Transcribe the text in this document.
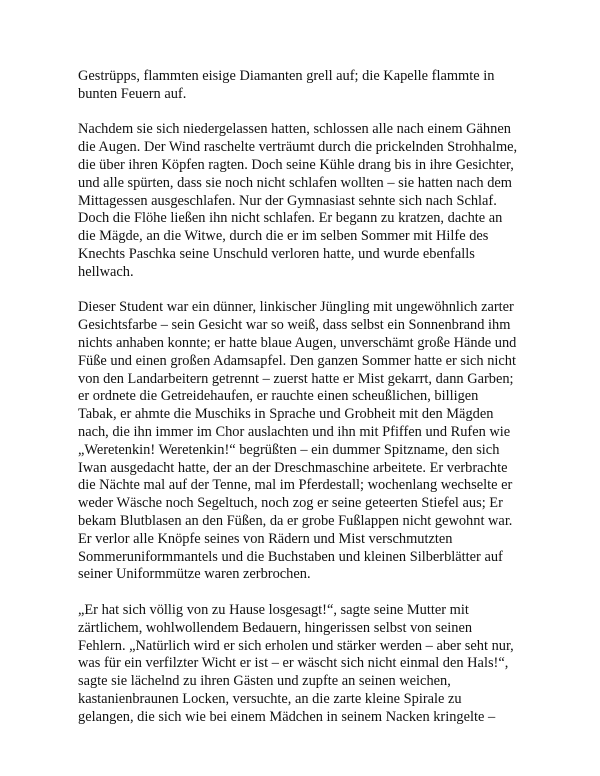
Gestrüpps, flammten eisige Diamanten grell auf; die Kapelle flammte in
bunten Feuern auf.

Nachdem sie sich niedergelassen hatten, schlossen alle nach einem Gähnen
die Augen. Der Wind raschelte verträumt durch die prickelnden Strohhalme,
die über ihren Köpfen ragten. Doch seine Kühle drang bis in ihre Gesichter,
und alle spürten, dass sie noch nicht schlafen wollten – sie hatten nach dem
Mittagessen ausgeschlafen. Nur der Gymnasiast sehnte sich nach Schlaf.
Doch die Flöhe ließen ihn nicht schlafen. Er begann zu kratzen, dachte an
die Mägde, an die Witwe, durch die er im selben Sommer mit Hilfe des
Knechts Paschka seine Unschuld verloren hatte, und wurde ebenfalls
hellwach.

Dieser Student war ein dünner, linkischer Jüngling mit ungewöhnlich zarter
Gesichtsfarbe – sein Gesicht war so weiß, dass selbst ein Sonnenbrand ihm
nichts anhaben konnte; er hatte blaue Augen, unverschämt große Hände und
Füße und einen großen Adamsapfel. Den ganzen Sommer hatte er sich nicht
von den Landarbeitern getrennt – zuerst hatte er Mist gekarrt, dann Garben;
er ordnete die Getreidehaufen, er rauchte einen scheußlichen, billigen
Tabak, er ahmte die Muschiks in Sprache und Grobheit mit den Mägden
nach, die ihn immer im Chor auslachten und ihn mit Pfiffen und Rufen wie
„Weretenkin! Weretenkin!“ begrüßten – ein dummer Spitzname, den sich
Iwan ausgedacht hatte, der an der Dreschmaschine arbeitete. Er verbrachte
die Nächte mal auf der Tenne, mal im Pferdestall; wochenlang wechselte er
weder Wäsche noch Segeltuch, noch zog er seine geteerten Stiefel aus; Er
bekam Blutblasen an den Füßen, da er grobe Fußlappen nicht gewohnt war.
Er verlor alle Knöpfe seines von Rädern und Mist verschmutzten
Sommeruniformmantels und die Buchstaben und kleinen Silberblätter auf
seiner Uniformmütze waren zerbrochen.

„Er hat sich völlig von zu Hause losgesagt!“, sagte seine Mutter mit
zärtlichem, wohlwollendem Bedauern, hingerissen selbst von seinen
Fehlern. „Natürlich wird er sich erholen und stärker werden – aber seht nur,
was für ein verfilzter Wicht er ist – er wäscht sich nicht einmal den Hals!“,
sagte sie lächelnd zu ihren Gästen und zupfte an seinen weichen,
kastanienbraunen Locken, versuchte, an die zarte kleine Spirale zu
gelangen, die sich wie bei einem Mädchen in seinem Nacken kringelte –
